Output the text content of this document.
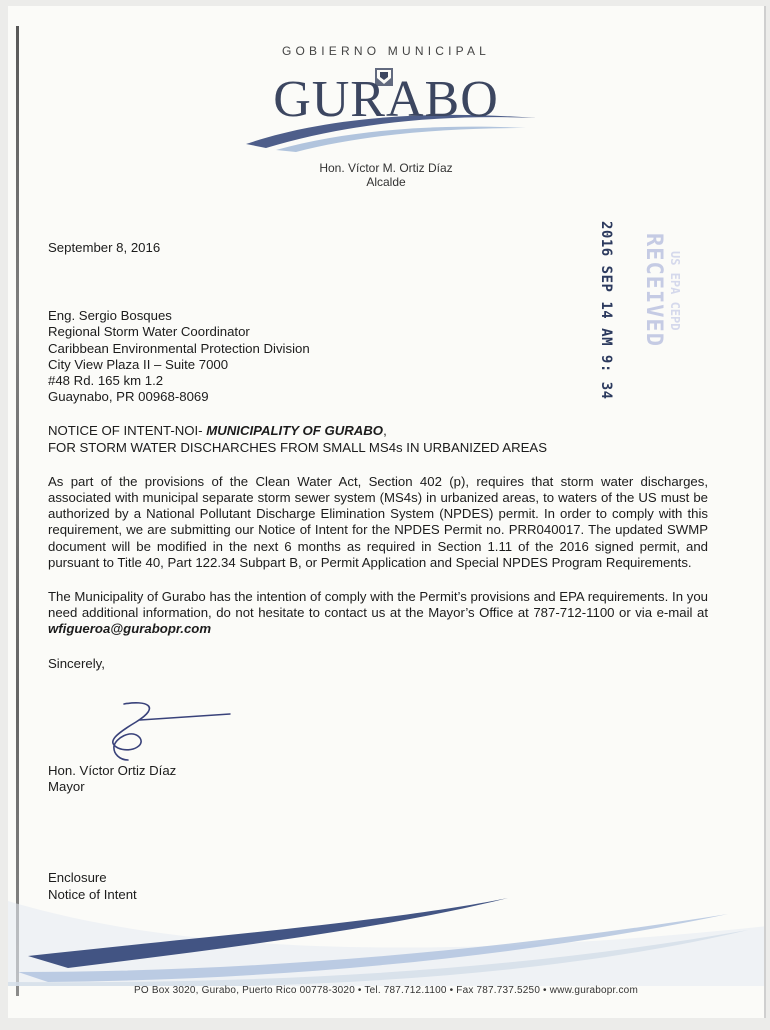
GOBIERNO MUNICIPAL
GURABO
Hon. Víctor M. Ortiz Díaz
Alcalde
2016 SEP 14 AM 9: 34 RECEIVED US EPA CEPD

September 8, 2016

Eng. Sergio Bosques

Regional Storm Water Coordinator

Caribbean Environmental Protection Division

City View Plaza II – Suite 7000

#48 Rd. 165 km 1.2

Guaynabo, PR 00968-8069

NOTICE OF INTENT-NOI- MUNICIPALITY OF GURABO,
FOR STORM WATER DISCHARCHES FROM SMALL MS4s IN URBANIZED AREAS

As part of the provisions of the Clean Water Act, Section 402 (p), requires that storm water discharges, associated with municipal separate storm sewer system (MS4s) in urbanized areas, to waters of the US must be authorized by a National Pollutant Discharge Elimination System (NPDES) permit. In order to comply with this requirement, we are submitting our Notice of Intent for the NPDES Permit no. PRR040017. The updated SWMP document will be modified in the next 6 months as required in Section 1.11 of the 2016 signed permit, and pursuant to Title 40, Part 122.34 Subpart B, or Permit Application and Special NPDES Program Requirements.

The Municipality of Gurabo has the intention of comply with the Permit’s provisions and EPA requirements. In you need additional information, do not hesitate to contact us at the Mayor’s Office at 787-712-1100 or via e-mail at wfigueroa@gurabopr.com

Sincerely,

Hon. Víctor Ortiz Díaz

Mayor

Enclosure

Notice of Intent

PO Box 3020, Gurabo, Puerto Rico 00778-3020 • Tel. 787.712.1100 • Fax 787.737.5250 • www.gurabopr.com
